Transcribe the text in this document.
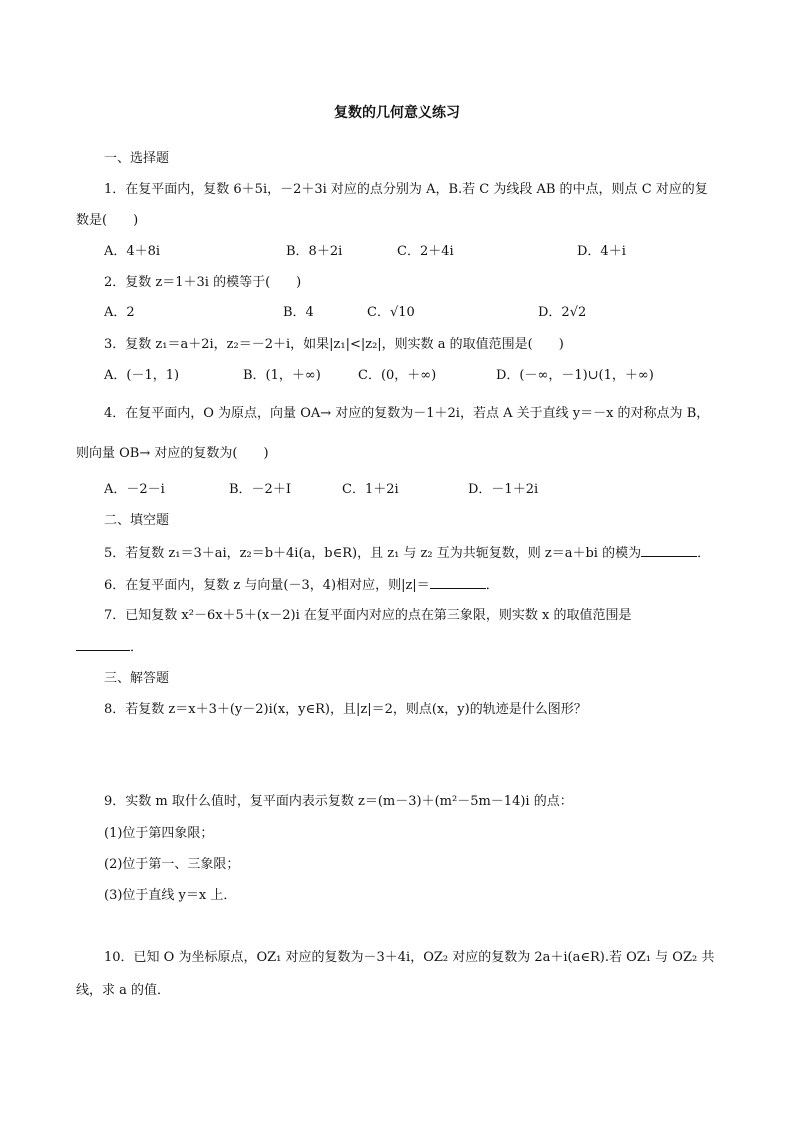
复数的几何意义练习
一、选择题
1．在复平面内，复数 6＋5i，－2＋3i 对应的点分别为 A，B.若 C 为线段 AB 的中点，则点 C 对应的复
数是(　　)
A．4＋8i	B．8＋2i	C．2＋4i	D．4＋i
2．复数 z＝1＋3i 的模等于(　　)
A．2	B．4	C．√10	D．2√2
3．复数 z₁＝a＋2i，z₂＝－2＋i，如果|z₁|<|z₂|，则实数 a 的取值范围是(　　)
A．(－1，1)	B．(1，＋∞)	C．(0，＋∞)	D．(－∞，－1)∪(1，＋∞)
4．在复平面内，O 为原点，向量 OA→ 对应的复数为－1＋2i，若点 A 关于直线 y＝－x 的对称点为 B，
则向量 OB→ 对应的复数为(　　)
A．－2－i	B．－2＋I	C．1＋2i	D．－1＋2i
二、填空题
5．若复数 z₁＝3＋ai，z₂＝b＋4i(a，b∈R)，且 z₁ 与 z₂ 互为共轭复数，则 z＝a＋bi 的模为	．
6．在复平面内，复数 z 与向量(－3，4)相对应，则|z|＝	．
7．已知复数 x²－6x＋5＋(x－2)i 在复平面内对应的点在第三象限，则实数 x 的取值范围是
．
三、解答题
8．若复数 z＝x＋3＋(y－2)i(x，y∈R)，且|z|＝2，则点(x，y)的轨迹是什么图形？
9．实数 m 取什么值时，复平面内表示复数 z＝(m－3)＋(m²－5m－14)i 的点：
(1)位于第四象限；
(2)位于第一、三象限；
(3)位于直线 y＝x 上．
10．已知 O 为坐标原点，OZ₁ 对应的复数为－3＋4i，OZ₂ 对应的复数为 2a＋i(a∈R).若 OZ₁ 与 OZ₂ 共
线，求 a 的值．
